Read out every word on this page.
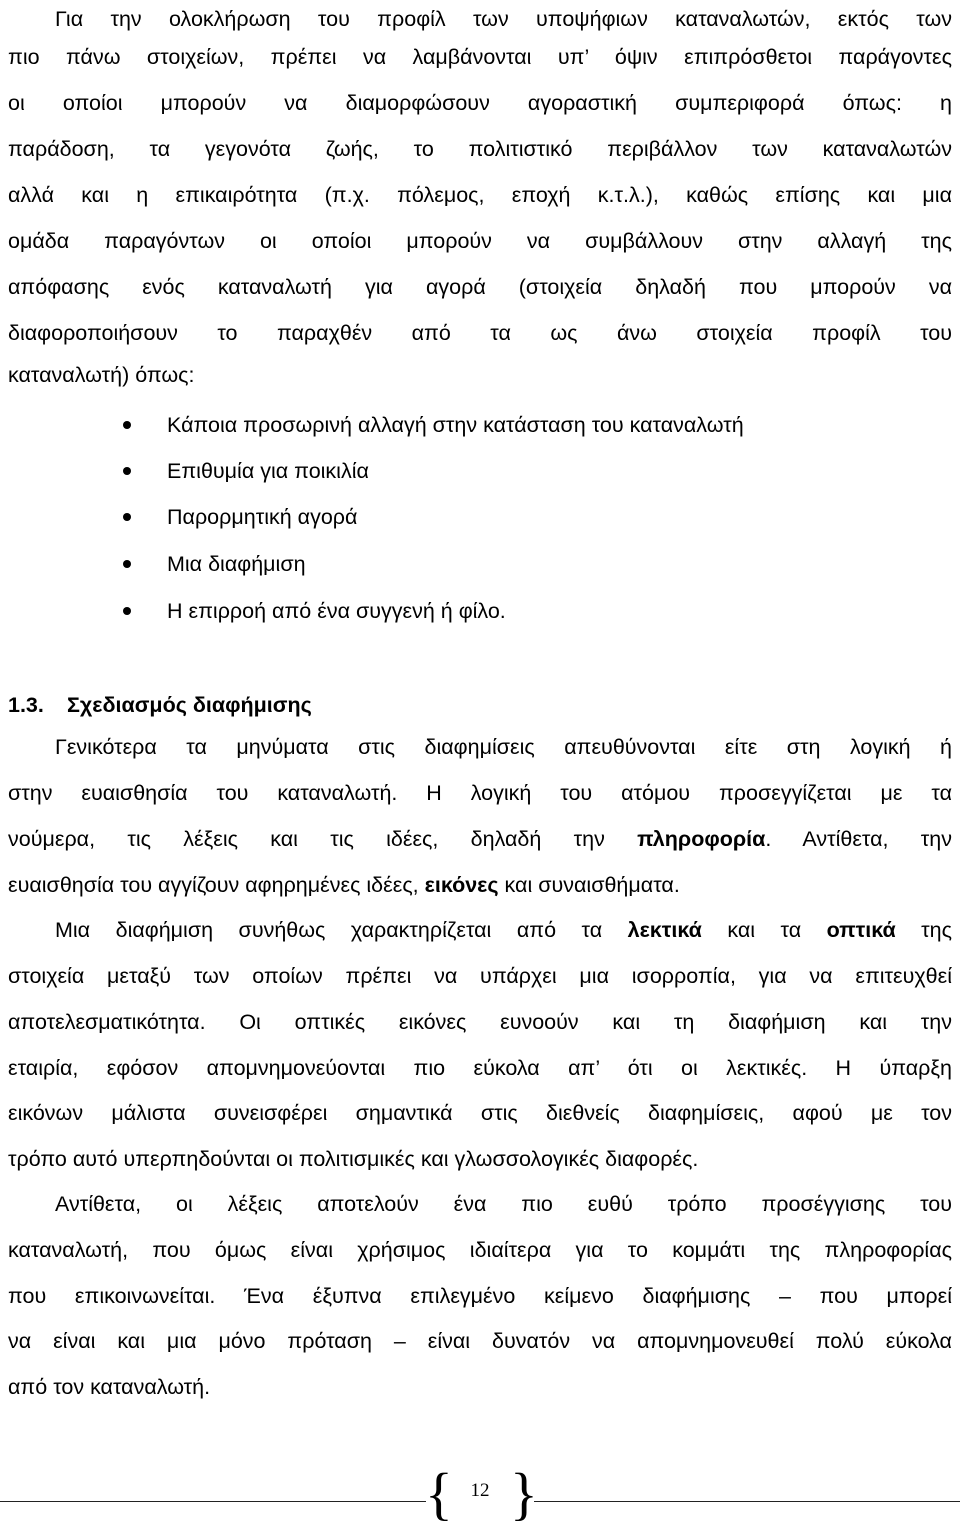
Για την ολοκλήρωση του προφίλ των υποψήφιων καταναλωτών, εκτός των
πιο πάνω στοιχείων, πρέπει να λαμβάνονται υπ’ όψιν επιπρόσθετοι παράγοντες
οι οποίοι μπορούν να διαμορφώσουν αγοραστική συμπεριφορά όπως: η
παράδοση, τα γεγονότα ζωής, το πολιτιστικό περιβάλλον των καταναλωτών
αλλά και η επικαιρότητα (π.χ. πόλεμος, εποχή κ.τ.λ.), καθώς επίσης και μια
ομάδα παραγόντων οι οποίοι μπορούν να συμβάλλουν στην αλλαγή της
απόφασης ενός καταναλωτή για αγορά (στοιχεία δηλαδή που μπορούν να
διαφοροποιήσουν το παραχθέν από τα ως άνω στοιχεία προφίλ του
καταναλωτή) όπως:
Κάποια προσωρινή αλλαγή στην κατάσταση του καταναλωτή
Επιθυμία για ποικιλία
Παρορμητική αγορά
Μια διαφήμιση
Η επιρροή από ένα συγγενή ή φίλο.
1.3. Σχεδιασμός διαφήμισης
Γενικότερα τα μηνύματα στις διαφημίσεις απευθύνονται είτε στη λογική ή
στην ευαισθησία του καταναλωτή. Η λογική του ατόμου προσεγγίζεται με τα
νούμερα, τις λέξεις και τις ιδέες, δηλαδή την πληροφορία. Αντίθετα, την
ευαισθησία του αγγίζουν αφηρημένες ιδέες, εικόνες και συναισθήματα.
Μια διαφήμιση συνήθως χαρακτηρίζεται από τα λεκτικά και τα οπτικά της
στοιχεία μεταξύ των οποίων πρέπει να υπάρχει μια ισορροπία, για να επιτευχθεί
αποτελεσματικότητα. Οι οπτικές εικόνες ευνοούν και τη διαφήμιση και την
εταιρία, εφόσον απομνημονεύονται πιο εύκολα απ’ ότι οι λεκτικές. Η ύπαρξη
εικόνων μάλιστα συνεισφέρει σημαντικά στις διεθνείς διαφημίσεις, αφού με τον
τρόπο αυτό υπερπηδούνται οι πολιτισμικές και γλωσσολογικές διαφορές.
Αντίθετα, οι λέξεις αποτελούν ένα πιο ευθύ τρόπο προσέγγισης του
καταναλωτή, που όμως είναι χρήσιμος ιδιαίτερα για το κομμάτι της πληροφορίας
που επικοινωνείται. Ένα έξυπνα επιλεγμένο κείμενο διαφήμισης – που μπορεί
να είναι και μια μόνο πρόταση – είναι δυνατόν να απομνημονευθεί πολύ εύκολα
από τον καταναλωτή.
{ 12 }
